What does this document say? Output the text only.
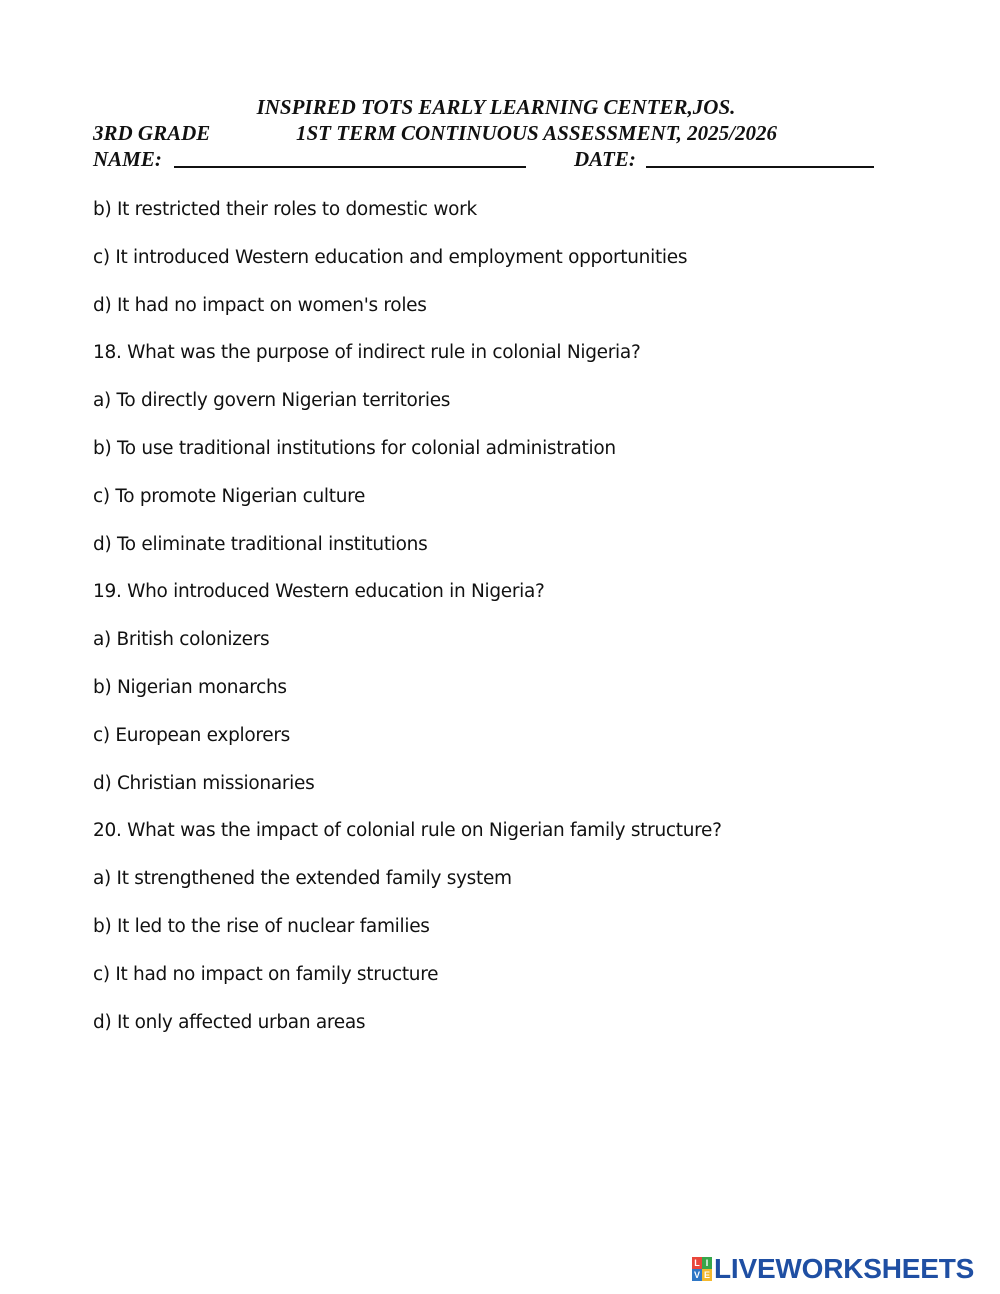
INSPIRED TOTS EARLY LEARNING CENTER,JOS.
3RD GRADE	1ST TERM CONTINUOUS ASSESSMENT, 2025/2026
NAME:	DATE:
b) It restricted their roles to domestic work
c) It introduced Western education and employment opportunities
d) It had no impact on women's roles
18. What was the purpose of indirect rule in colonial Nigeria?
a) To directly govern Nigerian territories
b) To use traditional institutions for colonial administration
c) To promote Nigerian culture
d) To eliminate traditional institutions
19. Who introduced Western education in Nigeria?
a) British colonizers
b) Nigerian monarchs
c) European explorers
d) Christian missionaries
20. What was the impact of colonial rule on Nigerian family structure?
a) It strengthened the extended family system
b) It led to the rise of nuclear families
c) It had no impact on family structure
d) It only affected urban areas
L I
V E LIVEWORKSHEETS
